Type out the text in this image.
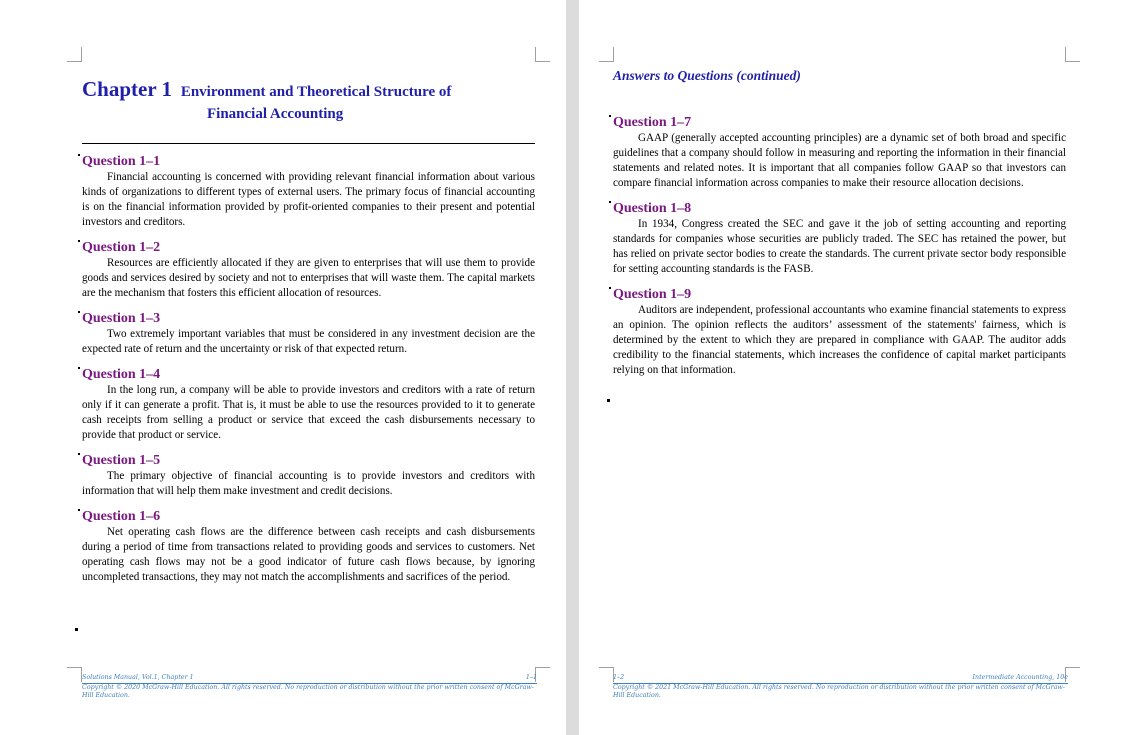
Chapter 1 Environment and Theoretical Structure of
Financial Accounting
Question 1–1

Financial accounting is concerned with providing relevant financial information about various kinds of organizations to different types of external users. The primary focus of financial accounting is on the financial information provided by profit-oriented companies to their present and potential investors and creditors.

Question 1–2

Resources are efficiently allocated if they are given to enterprises that will use them to provide goods and services desired by society and not to enterprises that will waste them. The capital markets are the mechanism that fosters this efficient allocation of resources.

Question 1–3

Two extremely important variables that must be considered in any investment decision are the expected rate of return and the uncertainty or risk of that expected return.

Question 1–4

In the long run, a company will be able to provide investors and creditors with a rate of return only if it can generate a profit. That is, it must be able to use the resources provided to it to generate cash receipts from selling a product or service that exceed the cash disbursements necessary to provide that product or service.

Question 1–5

The primary objective of financial accounting is to provide investors and creditors with information that will help them make investment and credit decisions.

Question 1–6

Net operating cash flows are the difference between cash receipts and cash disbursements during a period of time from transactions related to providing goods and services to customers. Net operating cash flows may not be a good indicator of future cash flows because, by ignoring uncompleted transactions, they may not match the accomplishments and sacrifices of the period.

Solutions Manual, Vol.1, Chapter 1	1–1
Copyright © 2020 McGraw-Hill Education. All rights reserved. No reproduction or distribution without the prior written consent of McGraw-Hill Education.
Answers to Questions (continued)
Question 1–7

GAAP (generally accepted accounting principles) are a dynamic set of both broad and specific guidelines that a company should follow in measuring and reporting the information in their financial statements and related notes. It is important that all companies follow GAAP so that investors can compare financial information across companies to make their resource allocation decisions.

Question 1–8

In 1934, Congress created the SEC and gave it the job of setting accounting and reporting standards for companies whose securities are publicly traded. The SEC has retained the power, but has relied on private sector bodies to create the standards. The current private sector body responsible for setting accounting standards is the FASB.

Question 1–9

Auditors are independent, professional accountants who examine financial statements to express an opinion. The opinion reflects the auditors’ assessment of the statements' fairness, which is determined by the extent to which they are prepared in compliance with GAAP. The auditor adds credibility to the financial statements, which increases the confidence of capital market participants relying on that information.

1–2	Intermediate Accounting, 10e
Copyright © 2021 McGraw-Hill Education. All rights reserved. No reproduction or distribution without the prior written consent of McGraw-Hill Education.
